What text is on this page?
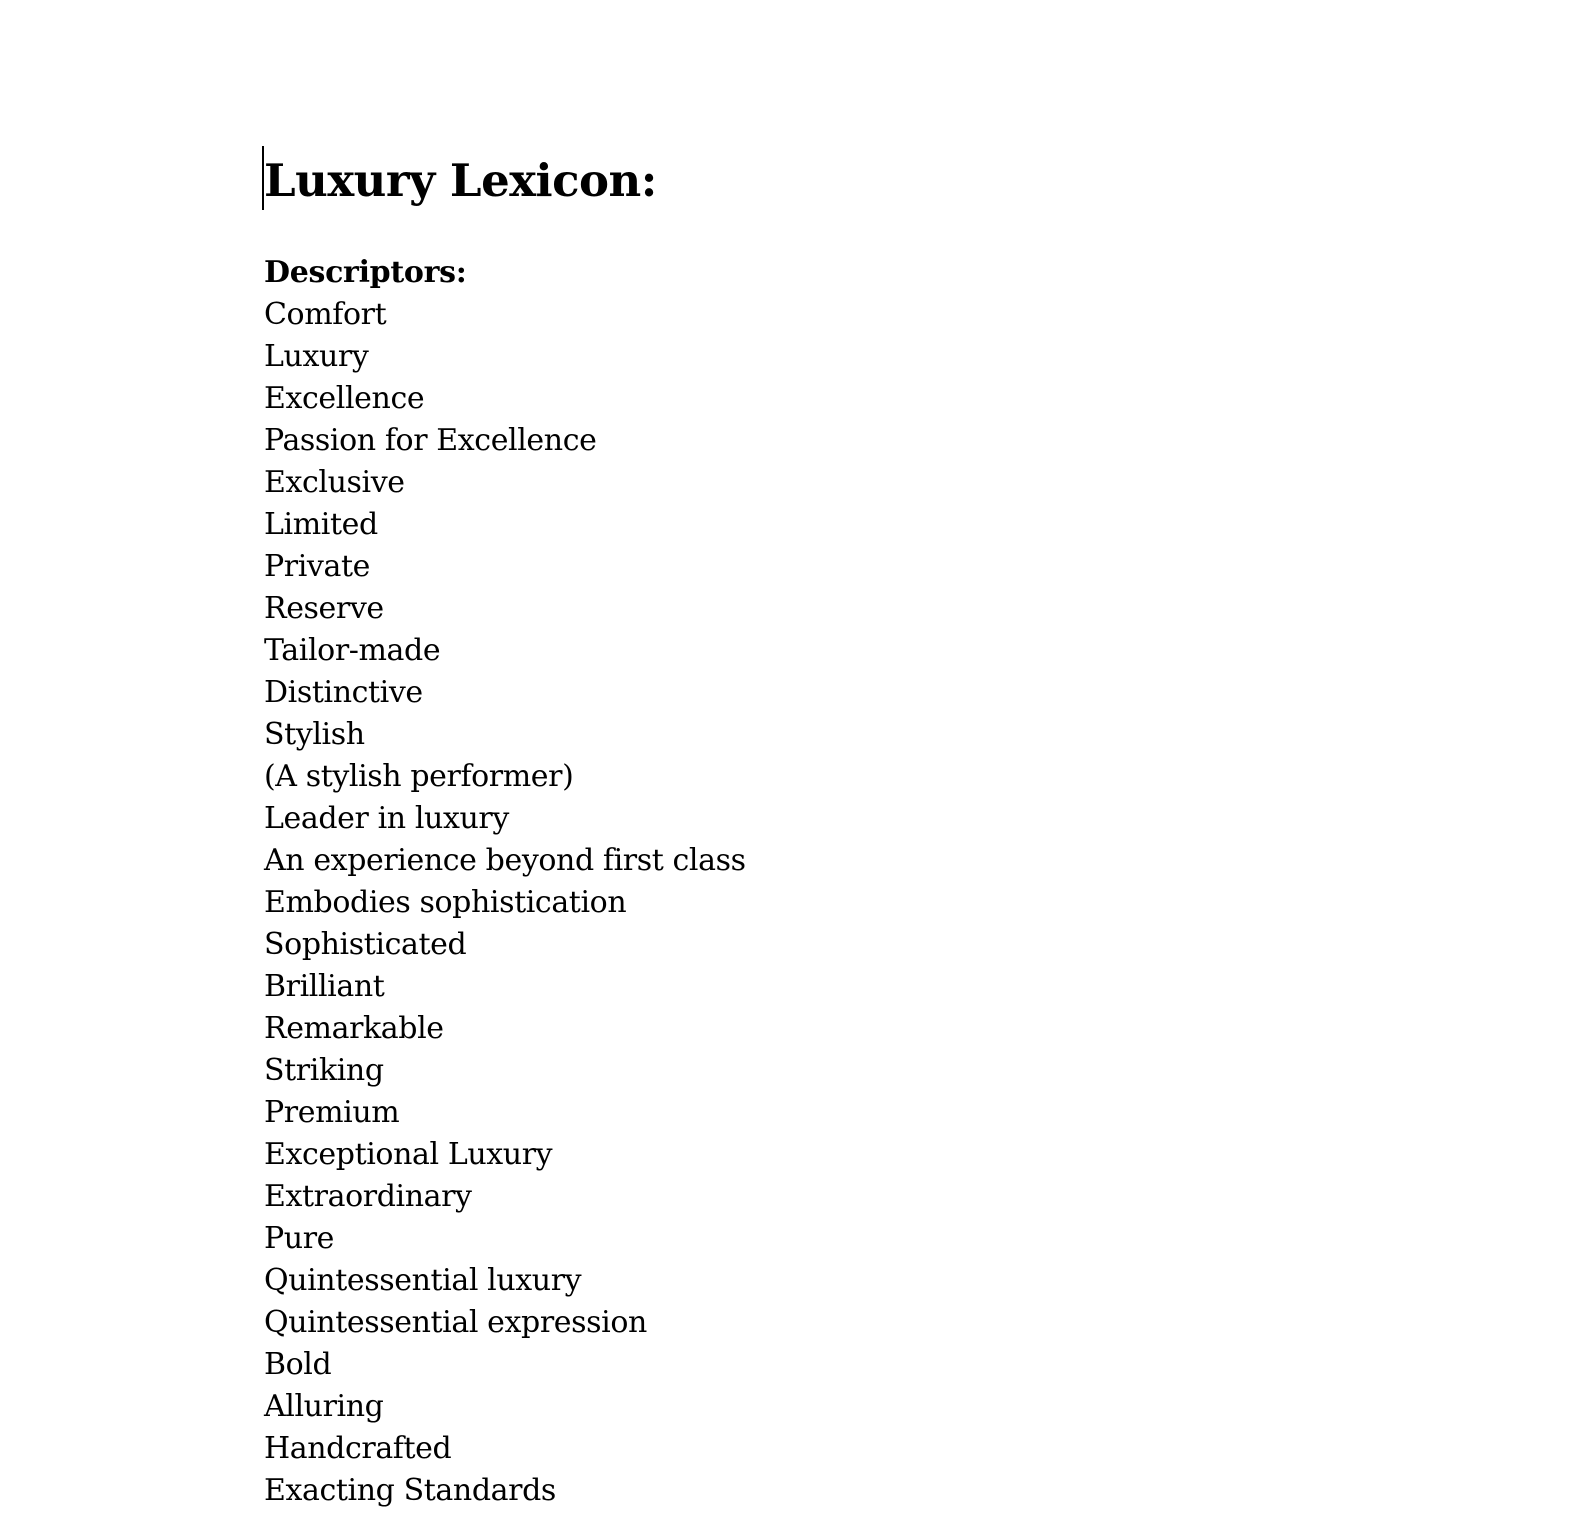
Luxury Lexicon:
Descriptors:
Comfort
Luxury
Excellence
Passion for Excellence
Exclusive
Limited
Private
Reserve
Tailor-made
Distinctive
Stylish
(A stylish performer)
Leader in luxury
An experience beyond first class
Embodies sophistication
Sophisticated
Brilliant
Remarkable
Striking
Premium
Exceptional Luxury
Extraordinary
Pure
Quintessential luxury
Quintessential expression
Bold
Alluring
Handcrafted
Exacting Standards
